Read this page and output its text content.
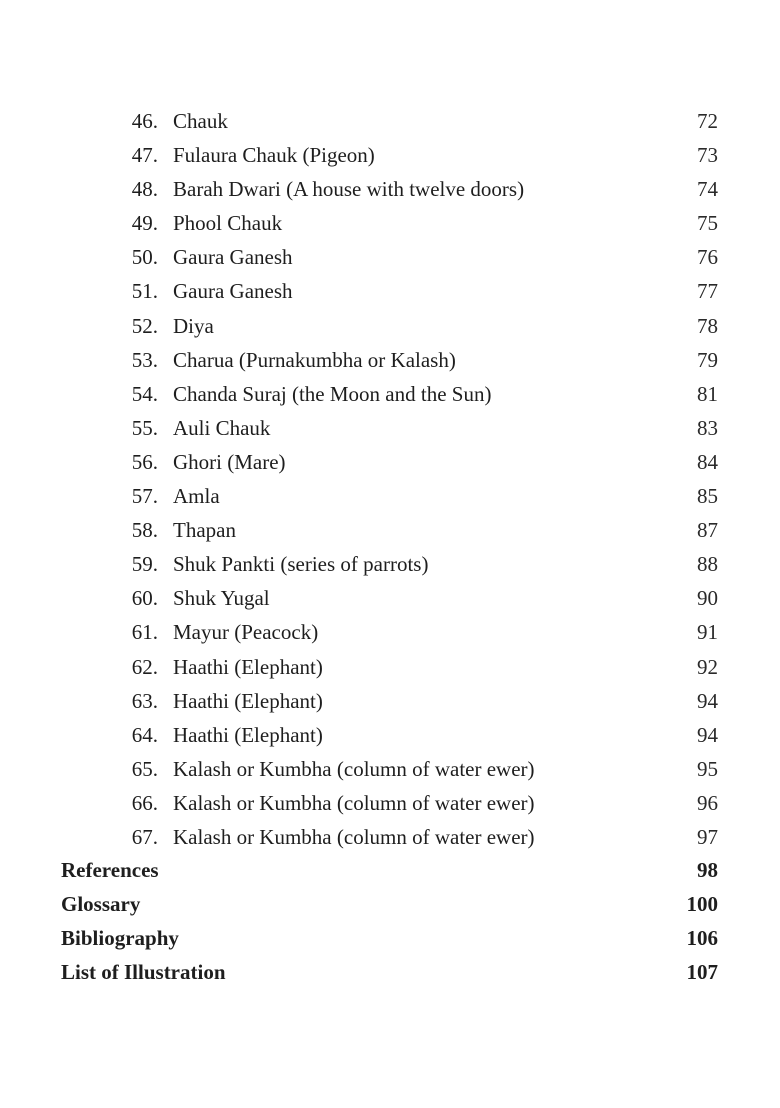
46. Chauk	72
47. Fulaura Chauk (Pigeon)	73
48. Barah Dwari (A house with twelve doors)	74
49. Phool Chauk	75
50. Gaura Ganesh	76
51. Gaura Ganesh	77
52. Diya	78
53. Charua (Purnakumbha or Kalash)	79
54. Chanda Suraj (the Moon and the Sun)	81
55. Auli Chauk	83
56. Ghori (Mare)	84
57. Amla	85
58. Thapan	87
59. Shuk Pankti (series of parrots)	88
60. Shuk Yugal	90
61. Mayur (Peacock)	91
62. Haathi (Elephant)	92
63. Haathi (Elephant)	94
64. Haathi (Elephant)	94
65. Kalash or Kumbha (column of water ewer)	95
66. Kalash or Kumbha (column of water ewer)	96
67. Kalash or Kumbha (column of water ewer)	97
References	98
Glossary	100
Bibliography	106
List of Illustration	107
